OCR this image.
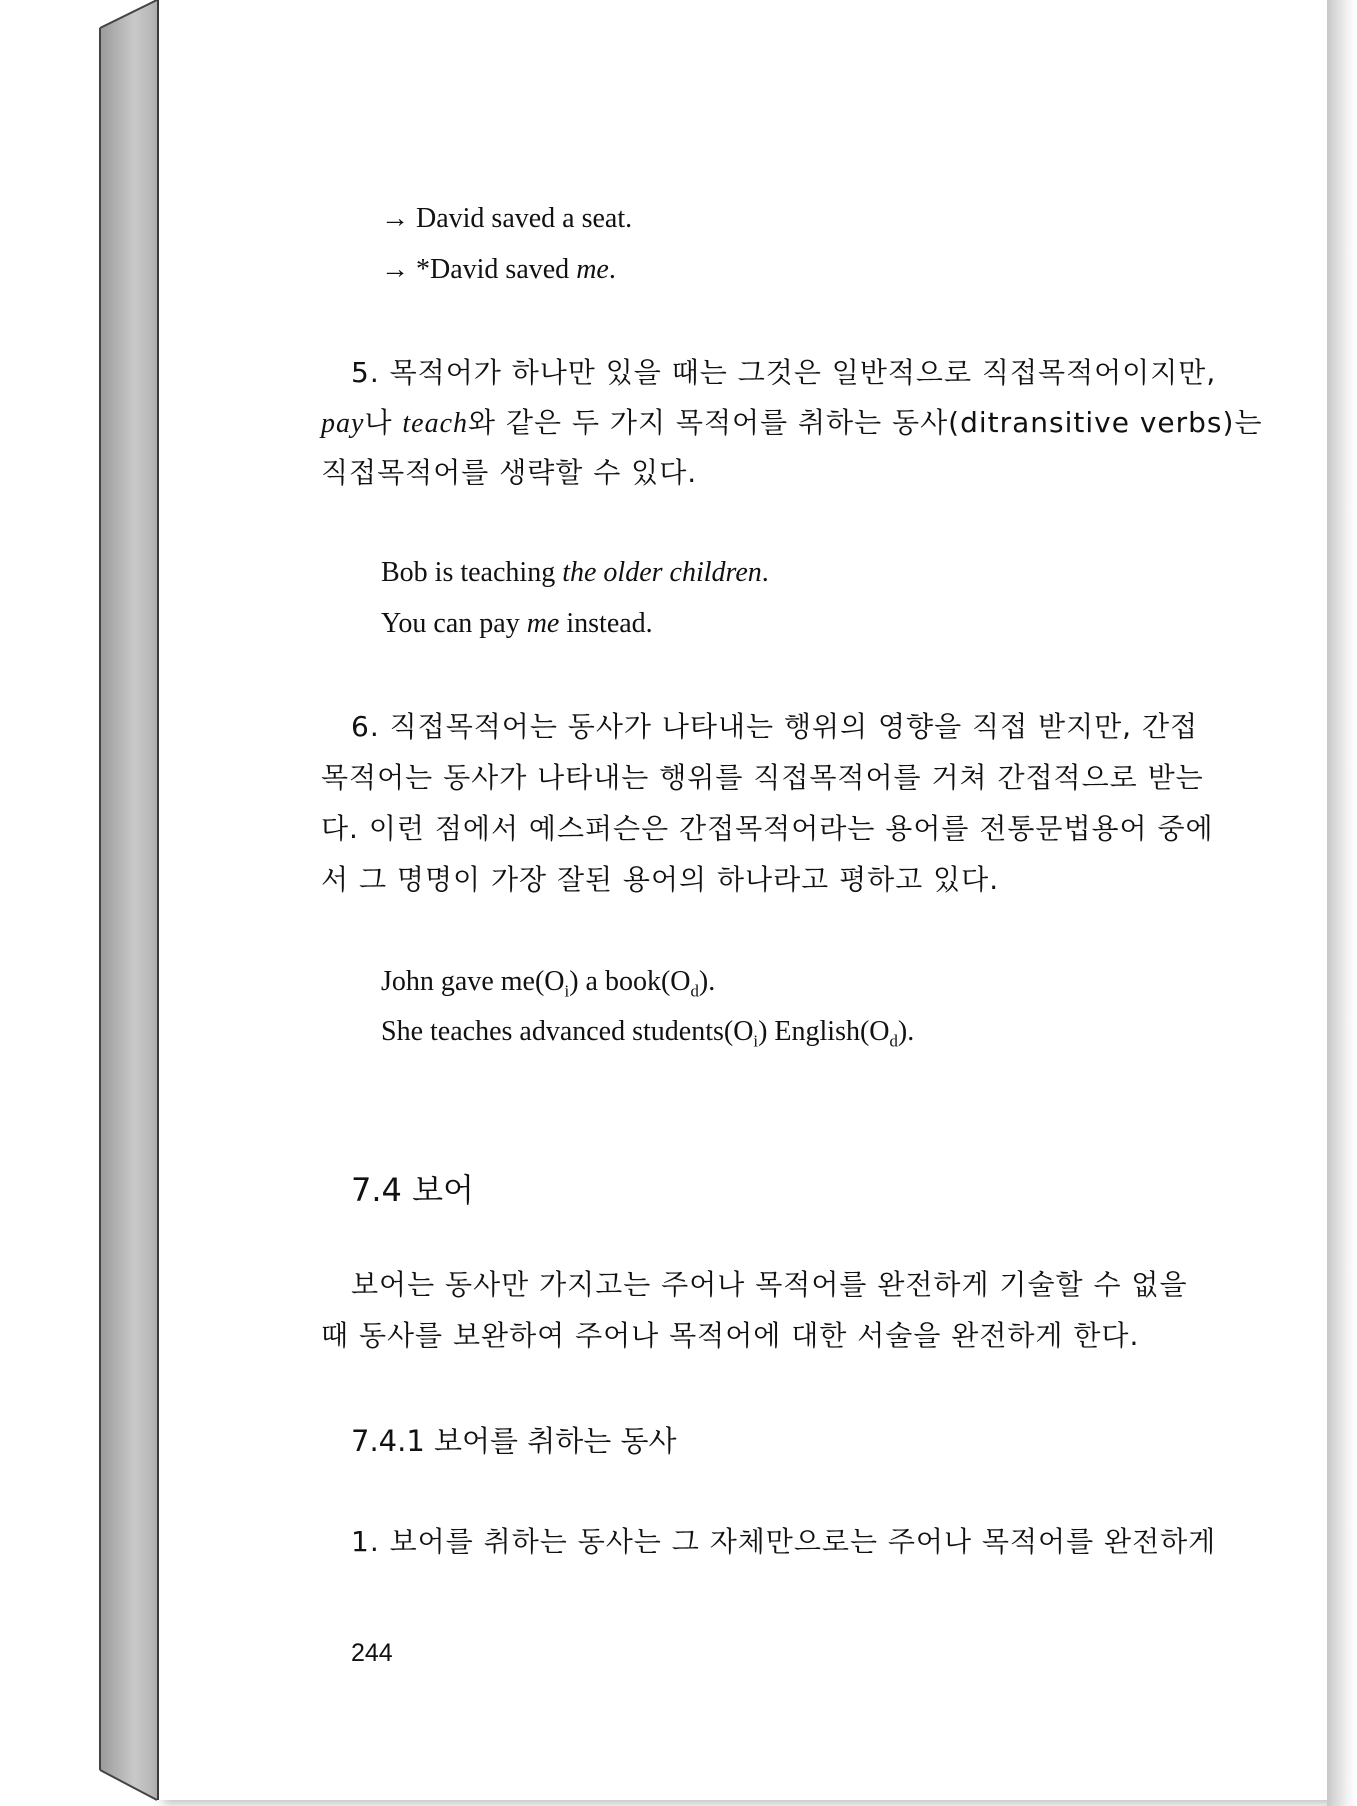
→ David saved a seat.
→ *David saved me.
5. 목적어가 하나만 있을 때는 그것은 일반적으로 직접목적어이지만,
pay나 teach와 같은 두 가지 목적어를 취하는 동사(ditransitive verbs)는
직접목적어를 생략할 수 있다.
Bob is teaching the older children.
You can pay me instead.
6. 직접목적어는 동사가 나타내는 행위의 영향을 직접 받지만, 간접
목적어는 동사가 나타내는 행위를 직접목적어를 거쳐 간접적으로 받는
다. 이런 점에서 예스퍼슨은 간접목적어라는 용어를 전통문법용어 중에
서 그 명명이 가장 잘된 용어의 하나라고 평하고 있다.
John gave $me(O_i)$ a $book(O_d)$.
She teaches advanced $students(O_i)$ $English(O_d)$.
7.4 보어
보어는 동사만 가지고는 주어나 목적어를 완전하게 기술할 수 없을
때 동사를 보완하여 주어나 목적어에 대한 서술을 완전하게 한다.
7.4.1 보어를 취하는 동사
1. 보어를 취하는 동사는 그 자체만으로는 주어나 목적어를 완전하게
244
